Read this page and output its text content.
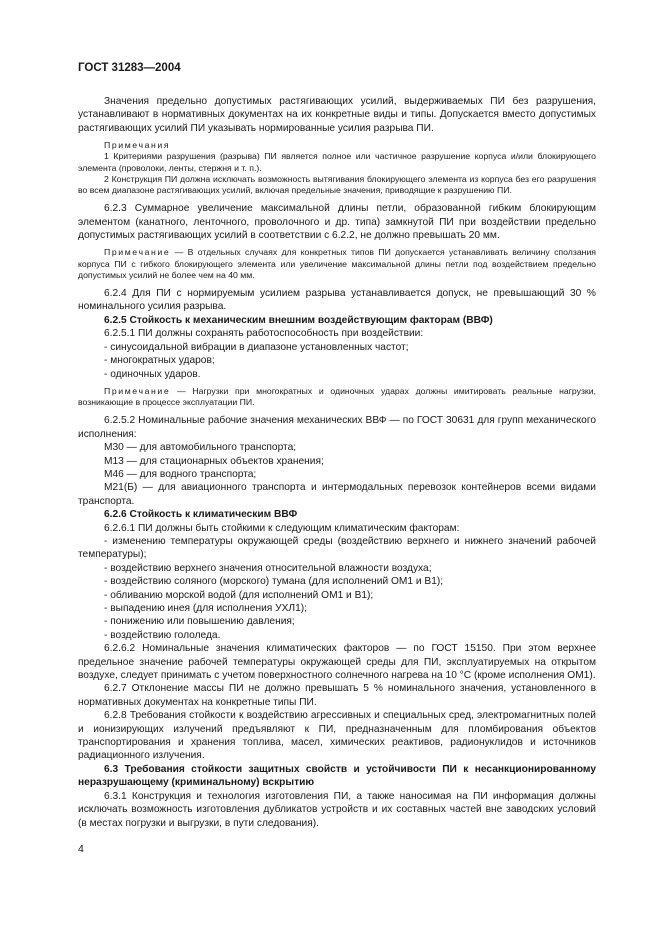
ГОСТ 31283—2004

Значения предельно допустимых растягивающих усилий, выдерживаемых ПИ без разрушения, устанавливают в нормативных документах на их конкретные виды и типы. Допускается вместо допустимых растягивающих усилий ПИ указывать нормированные усилия разрыва ПИ.

Примечания

1 Критериями разрушения (разрыва) ПИ является полное или частичное разрушение корпуса и/или блокирующего элемента (проволоки, ленты, стержня и т. п.).

2 Конструкция ПИ должна исключать возможность вытягивания блокирующего элемента из корпуса без его разрушения во всем диапазоне растягивающих усилий, включая предельные значения, приводящие к разрушению ПИ.

6.2.3 Суммарное увеличение максимальной длины петли, образованной гибким блокирующим элементом (канатного, ленточного, проволочного и др. типа) замкнутой ПИ при воздействии предельно допустимых растягивающих усилий в соответствии с 6.2.2, не должно превышать 20 мм.

Примечание — В отдельных случаях для конкретных типов ПИ допускается устанавливать величину сползания корпуса ПИ с гибкого блокирующего элемента или увеличение максимальной длины петли под воздействием предельно допустимых усилий не более чем на 40 мм.

6.2.4 Для ПИ с нормируемым усилием разрыва устанавливается допуск, не превышающий 30 % номинального усилия разрыва.

6.2.5 Стойкость к механическим внешним воздействующим факторам (ВВФ)

6.2.5.1 ПИ должны сохранять работоспособность при воздействии:

- синусоидальной вибрации в диапазоне установленных частот;

- многократных ударов;

- одиночных ударов.

Примечание — Нагрузки при многократных и одиночных ударах должны имитировать реальные нагрузки, возникающие в процессе эксплуатации ПИ.

6.2.5.2 Номинальные рабочие значения механических ВВФ — по ГОСТ 30631 для групп механического исполнения:

М30 — для автомобильного транспорта;

М13 — для стационарных объектов хранения;

М46 — для водного транспорта;

М21(Б) — для авиационного транспорта и интермодальных перевозок контейнеров всеми видами транспорта.

6.2.6 Стойкость к климатическим ВВФ

6.2.6.1 ПИ должны быть стойкими к следующим климатическим факторам:

- изменению температуры окружающей среды (воздействию верхнего и нижнего значений рабочей температуры);

- воздействию верхнего значения относительной влажности воздуха;

- воздействию соляного (морского) тумана (для исполнений ОМ1 и В1);

- обливанию морской водой (для исполнений ОМ1 и В1);

- выпадению инея (для исполнения УХЛ1);

- понижению или повышению давления;

- воздействию гололеда.

6.2.6.2 Номинальные значения климатических факторов — по ГОСТ 15150. При этом верхнее предельное значение рабочей температуры окружающей среды для ПИ, эксплуатируемых на открытом воздухе, следует принимать с учетом поверхностного солнечного нагрева на 10 °С (кроме исполнения ОМ1).

6.2.7 Отклонение массы ПИ не должно превышать 5 % номинального значения, установленного в нормативных документах на конкретные типы ПИ.

6.2.8 Требования стойкости к воздействию агрессивных и специальных сред, электромагнитных полей и ионизирующих излучений предъявляют к ПИ, предназначенным для пломбирования объектов транспортирования и хранения топлива, масел, химических реактивов, радионуклидов и источников радиационного излучения.

6.3 Требования стойкости защитных свойств и устойчивости ПИ к несанкционированному неразрушающему (криминальному) вскрытию

6.3.1 Конструкция и технология изготовления ПИ, а также наносимая на ПИ информация должны исключать возможность изготовления дубликатов устройств и их составных частей вне заводских условий (в местах погрузки и выгрузки, в пути следования).

4
